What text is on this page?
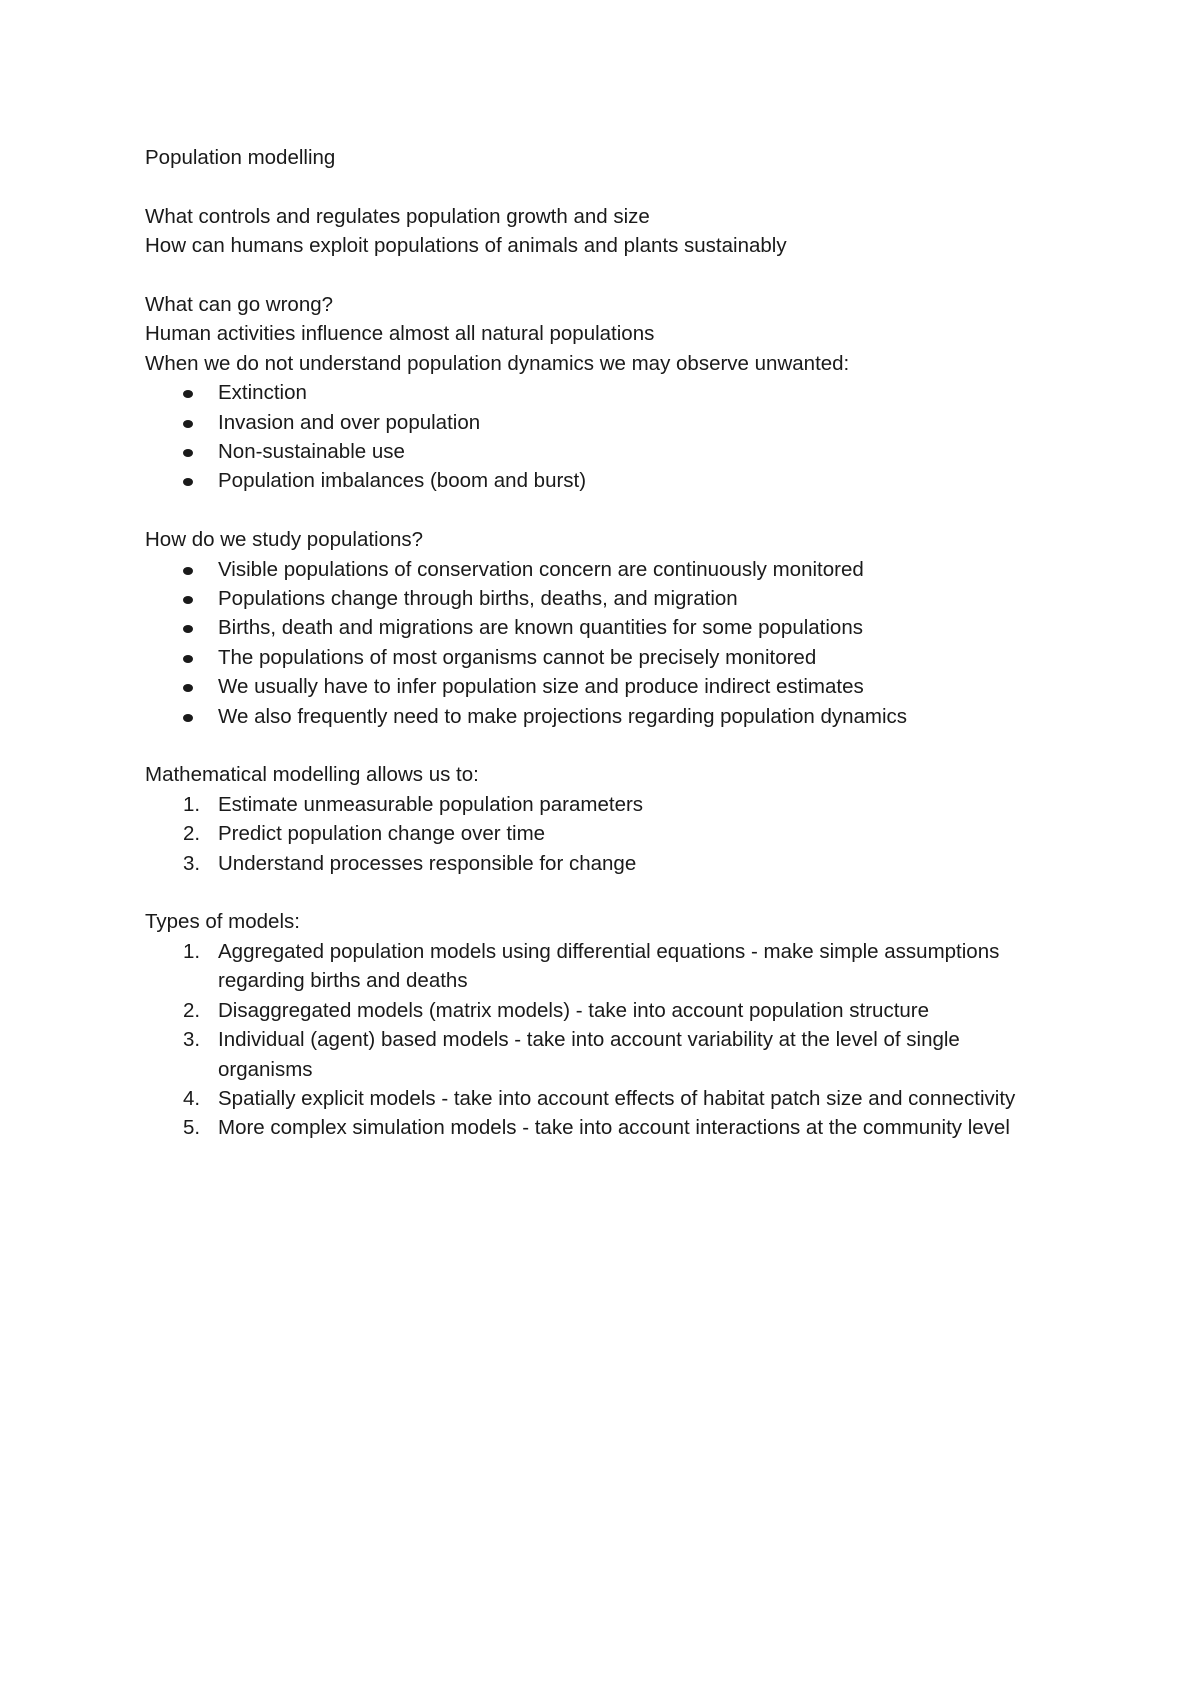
Population modelling

What controls and regulates population growth and size

How can humans exploit populations of animals and plants sustainably

What can go wrong?

Human activities influence almost all natural populations

When we do not understand population dynamics we may observe unwanted:

Extinction
Invasion and over population
Non-sustainable use
Population imbalances (boom and burst)

How do we study populations?

Visible populations of conservation concern are continuously monitored
Populations change through births, deaths, and migration
Births, death and migrations are known quantities for some populations
The populations of most organisms cannot be precisely monitored
We usually have to infer population size and produce indirect estimates
We also frequently need to make projections regarding population dynamics

Mathematical modelling allows us to:

1. Estimate unmeasurable population parameters
2. Predict population change over time
3. Understand processes responsible for change

Types of models:

1. Aggregated population models using differential equations - make simple assumptions regarding births and deaths
2. Disaggregated models (matrix models) - take into account population structure
3. Individual (agent) based models - take into account variability at the level of single organisms
4. Spatially explicit models - take into account effects of habitat patch size and connectivity
5. More complex simulation models - take into account interactions at the community level
